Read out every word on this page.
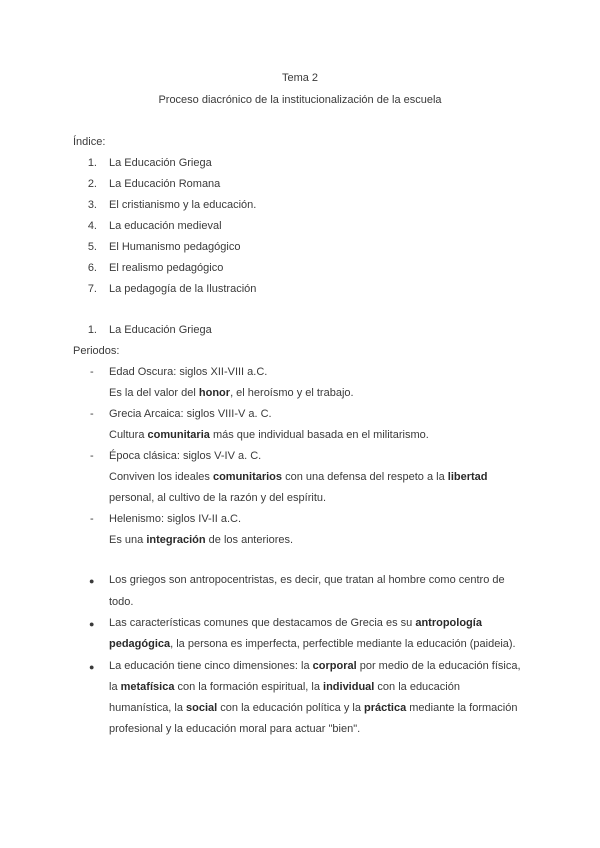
Tema 2
Proceso diacrónico de la institucionalización de la escuela
Índice:
1. La Educación Griega
2. La Educación Romana
3. El cristianismo y la educación.
4. La educación medieval
5. El Humanismo pedagógico
6. El realismo pedagógico
7. La pedagogía de la Ilustración
1. La Educación Griega
Periodos:
- Edad Oscura: siglos XII-VIII a.C.
Es la del valor del honor, el heroísmo y el trabajo.
- Grecia Arcaica: siglos VIII-V a. C.
Cultura comunitaria más que individual basada en el militarismo.
- Época clásica: siglos V-IV a. C.
Conviven los ideales comunitarios con una defensa del respeto a la libertad
personal, al cultivo de la razón y del espíritu.
- Helenismo: siglos IV-II a.C.
Es una integración de los anteriores.
● Los griegos son antropocentristas, es decir, que tratan al hombre como centro de
todo.
● Las características comunes que destacamos de Grecia es su antropología
pedagógica, la persona es imperfecta, perfectible mediante la educación (paideia).
● La educación tiene cinco dimensiones: la corporal por medio de la educación física,
la metafísica con la formación espiritual, la individual con la educación
humanística, la social con la educación política y la práctica mediante la formación
profesional y la educación moral para actuar "bien".
